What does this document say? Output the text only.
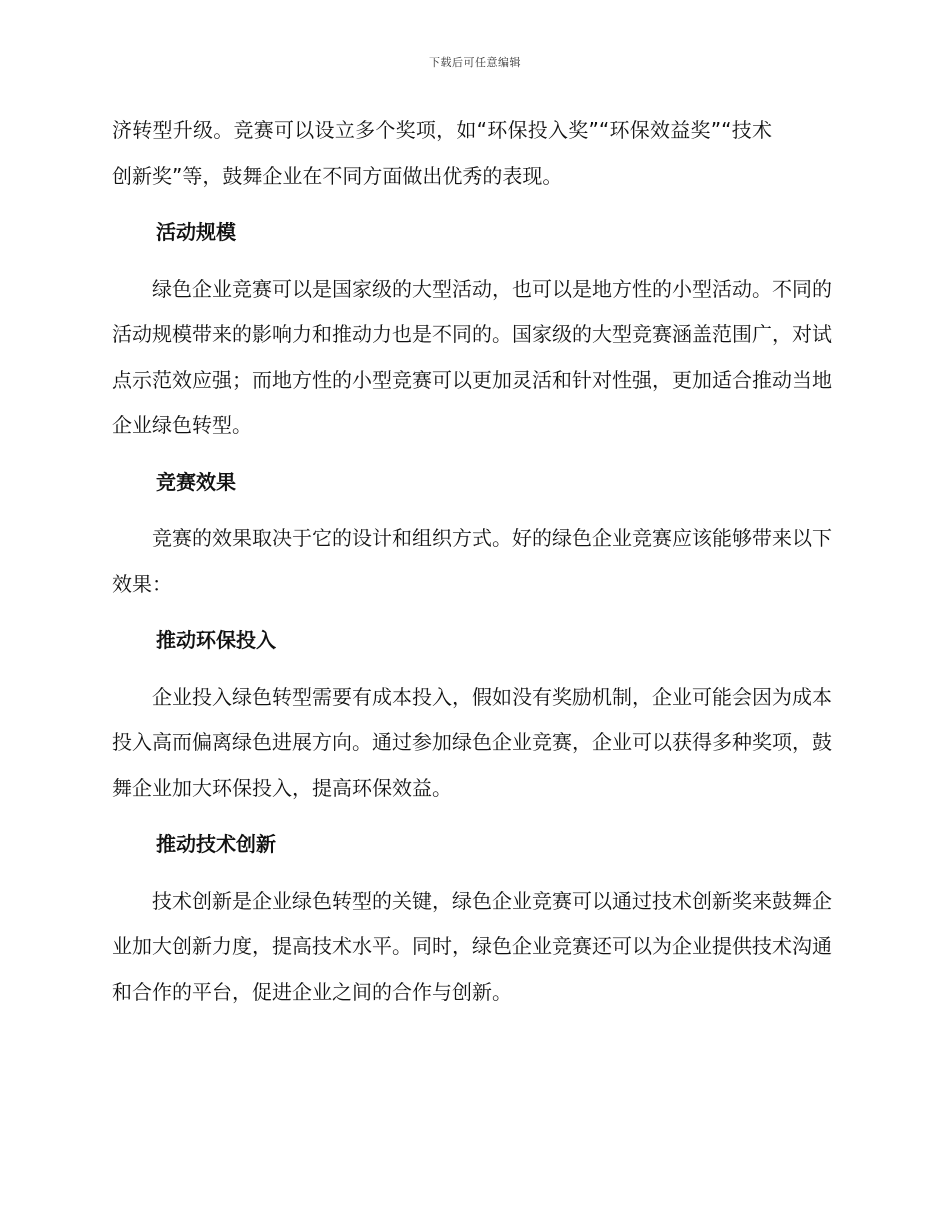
下载后可任意编辑

济转型升级。竞赛可以设立多个奖项，如“环保投入奖”“环保效益奖”“技术创新奖”等，鼓舞企业在不同方面做出优秀的表现。

活动规模

绿色企业竞赛可以是国家级的大型活动，也可以是地方性的小型活动。不同的活动规模带来的影响力和推动力也是不同的。国家级的大型竞赛涵盖范围广，对试点示范效应强；而地方性的小型竞赛可以更加灵活和针对性强，更加适合推动当地企业绿色转型。

竞赛效果

竞赛的效果取决于它的设计和组织方式。好的绿色企业竞赛应该能够带来以下效果：

推动环保投入

企业投入绿色转型需要有成本投入，假如没有奖励机制，企业可能会因为成本投入高而偏离绿色进展方向。通过参加绿色企业竞赛，企业可以获得多种奖项，鼓舞企业加大环保投入，提高环保效益。

推动技术创新

技术创新是企业绿色转型的关键，绿色企业竞赛可以通过技术创新奖来鼓舞企业加大创新力度，提高技术水平。同时，绿色企业竞赛还可以为企业提供技术沟通和合作的平台，促进企业之间的合作与创新。
